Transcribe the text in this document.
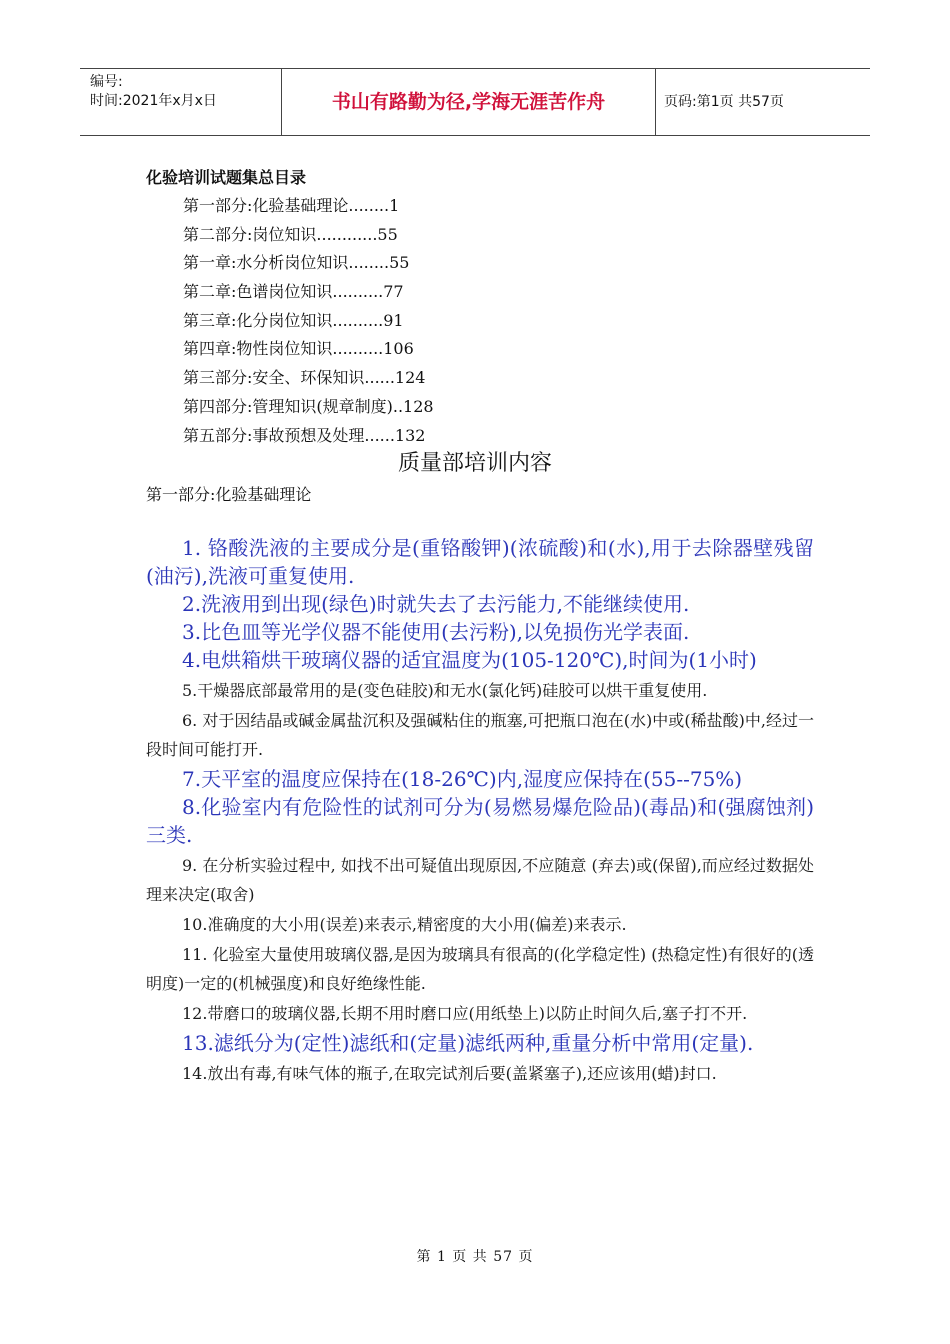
编号:
时间:2021年x月x日	书山有路勤为径,学海无涯苦作舟	页码:第1页 共57页
化验培训试题集总目录
第一部分:化验基础理论........1
第二部分:岗位知识............55
第一章:水分析岗位知识........55
第二章:色谱岗位知识..........77
第三章:化分岗位知识..........91
第四章:物性岗位知识..........106
第三部分:安全、环保知识......124
第四部分:管理知识(规章制度)..128
第五部分:事故预想及处理......132
质量部培训内容
第一部分:化验基础理论

1. 铬酸洗液的主要成分是(重铬酸钾)(浓硫酸)和(水),用于去除器壁残留(油污),洗液可重复使用.

2.洗液用到出现(绿色)时就失去了去污能力,不能继续使用.

3.比色皿等光学仪器不能使用(去污粉),以免损伤光学表面.

4.电烘箱烘干玻璃仪器的适宜温度为(105-120℃),时间为(1小时)

5.干燥器底部最常用的是(变色硅胶)和无水(氯化钙)硅胶可以烘干重复使用.

6. 对于因结晶或碱金属盐沉积及强碱粘住的瓶塞,可把瓶口泡在(水)中或(稀盐酸)中,经过一段时间可能打开.

7.天平室的温度应保持在(18-26℃)内,湿度应保持在(55--75%)

8.化验室内有危险性的试剂可分为(易燃易爆危险品)(毒品)和(强腐蚀剂)三类.

9. 在分析实验过程中, 如找不出可疑值出现原因,不应随意 (弃去)或(保留),而应经过数据处理来决定(取舍)

10.准确度的大小用(误差)来表示,精密度的大小用(偏差)来表示.

11. 化验室大量使用玻璃仪器,是因为玻璃具有很高的(化学稳定性) (热稳定性)有很好的(透明度)一定的(机械强度)和良好绝缘性能.

12.带磨口的玻璃仪器,长期不用时磨口应(用纸垫上)以防止时间久后,塞子打不开.

13.滤纸分为(定性)滤纸和(定量)滤纸两种,重量分析中常用(定量).

14.放出有毒,有味气体的瓶子,在取完试剂后要(盖紧塞子),还应该用(蜡)封口.

第 1 页 共 57 页
